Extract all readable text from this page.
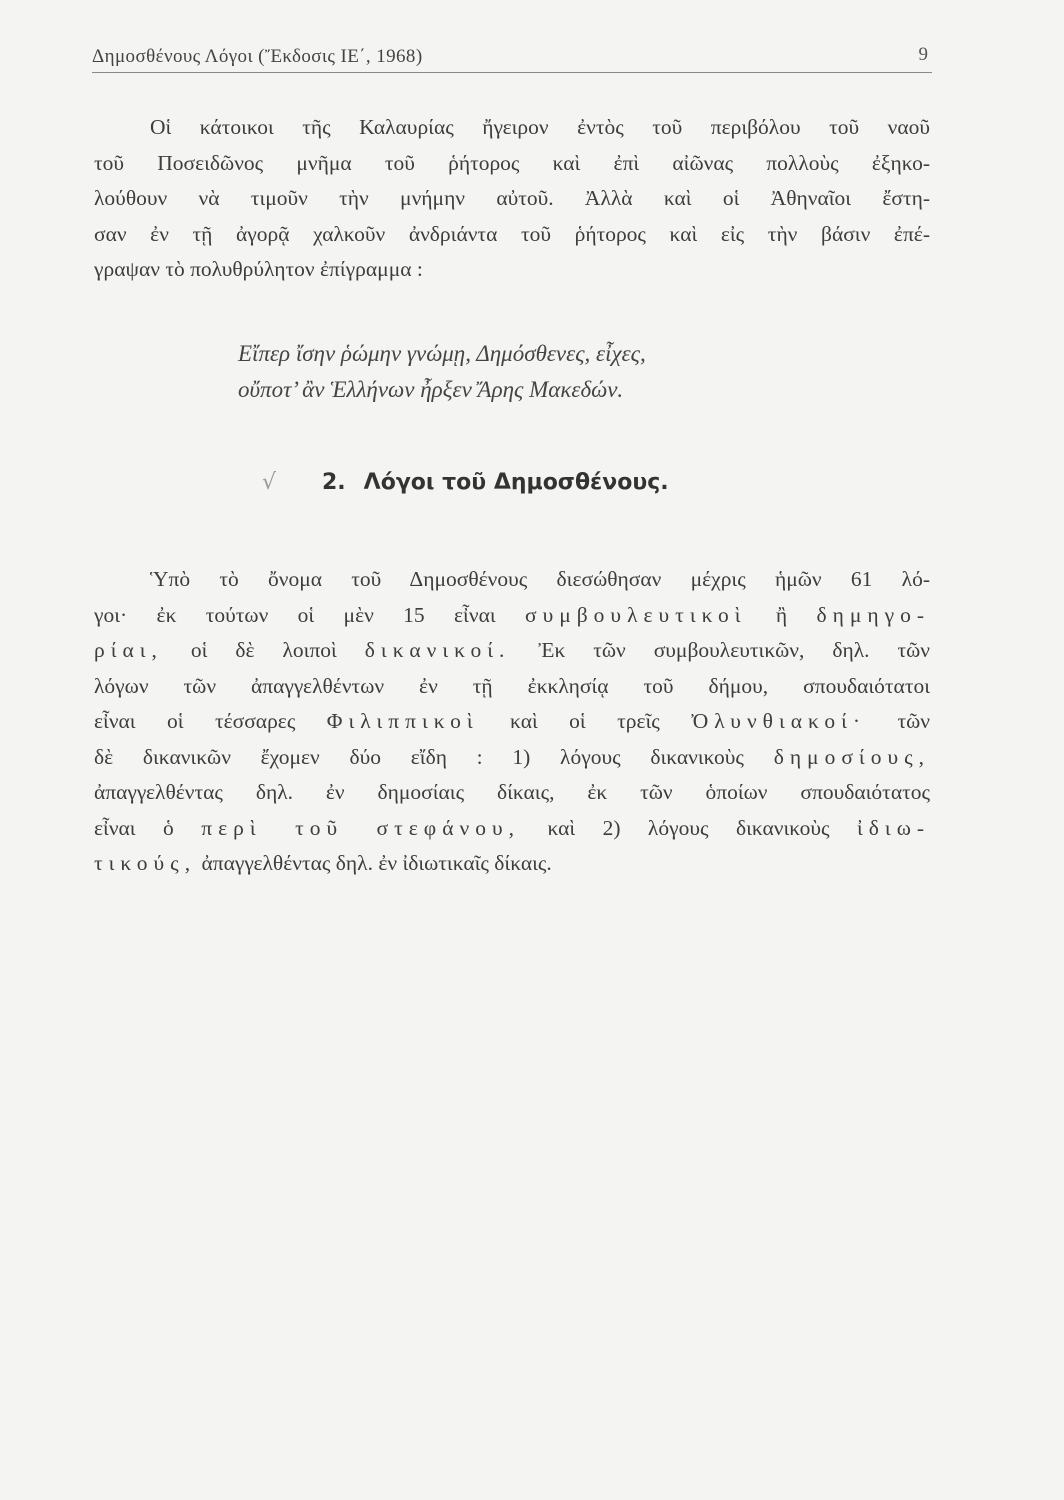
Δημοσθένους Λόγοι (Ἔκδοσις ΙΕ΄, 1968)	9
Οἱ κάτοικοι τῆς Καλαυρίας ἤγειρον ἐντὸς τοῦ περιβόλου τοῦ ναοῦ
τοῦ Ποσειδῶνος μνῆμα τοῦ ῥήτορος καὶ ἐπὶ αἰῶνας πολλοὺς ἐξηκο-
λούθουν νὰ τιμοῦν τὴν μνήμην αὐτοῦ. Ἀλλὰ καὶ οἱ Ἀθηναῖοι ἔστη-
σαν ἐν τῇ ἀγορᾷ χαλκοῦν ἀνδριάντα τοῦ ῥήτορος καὶ εἰς τὴν βάσιν ἐπέ-
γραψαν τὸ πολυθρύλητον ἐπίγραμμα :
Εἴπερ ἴσην ῥώμην γνώμῃ, Δημόσθενες, εἶχες,
οὔποτ’ ἂν Ἑλλήνων ἦρξεν Ἄρης Μακεδών.
√ 2. Λόγοι τοῦ Δημοσθένους.
Ὑπὸ τὸ ὄνομα τοῦ Δημοσθένους διεσώθησαν μέχρις ἡμῶν 61 λό-
γοι· ἐκ τούτων οἱ μὲν 15 εἶναι συμβουλευτικοὶ ἢ δημηγο-
ρίαι, οἱ δὲ λοιποὶ δικανικοί. Ἐκ τῶν συμβουλευτικῶν, δηλ. τῶν
λόγων τῶν ἀπαγγελθέντων ἐν τῇ ἐκκλησίᾳ τοῦ δήμου, σπουδαιότατοι
εἶναι οἱ τέσσαρες Φιλιππικοὶ καὶ οἱ τρεῖς Ὀλυνθιακοί· τῶν
δὲ δικανικῶν ἔχομεν δύο εἴδη : 1) λόγους δικανικοὺς δημοσίους,
ἀπαγγελθέντας δηλ. ἐν δημοσίαις δίκαις, ἐκ τῶν ὁποίων σπουδαιότατος
εἶναι ὁ περὶ τοῦ στεφάνου, καὶ 2) λόγους δικανικοὺς ἰδιω-
τικούς, ἀπαγγελθέντας δηλ. ἐν ἰδιωτικαῖς δίκαις.
